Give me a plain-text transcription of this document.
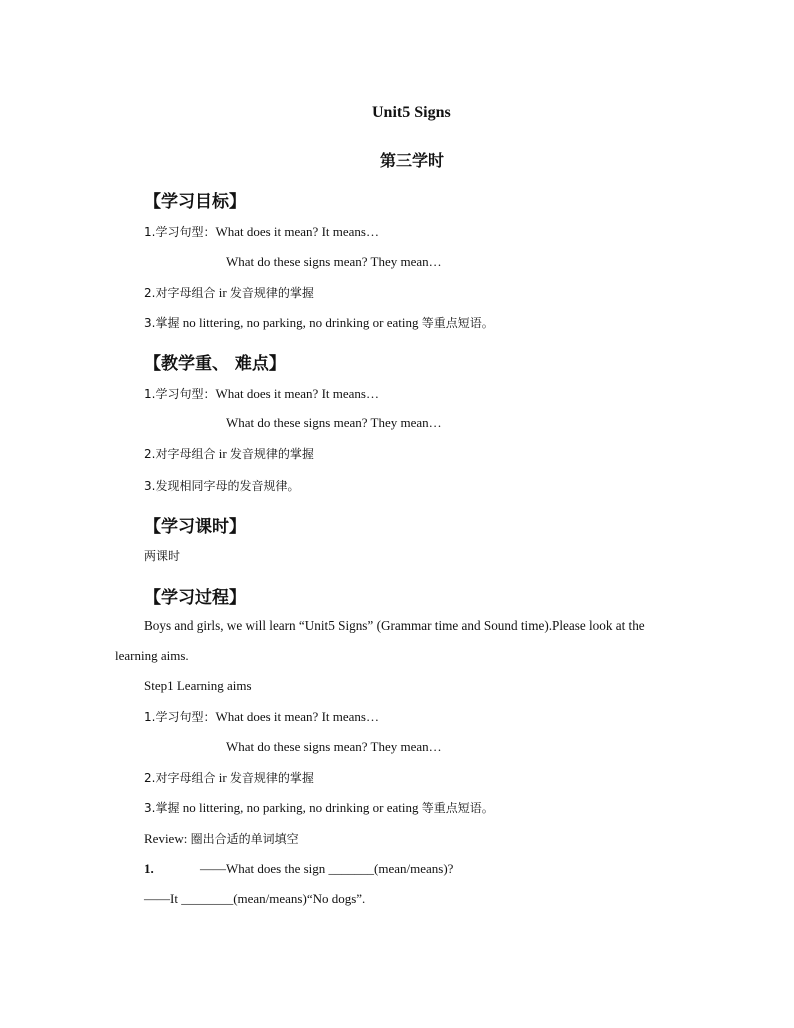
Unit5 Signs
第三学时
【学习目标】
1.学习句型：What does it mean? It means…
What do these signs mean? They mean…
2.对字母组合 ir 发音规律的掌握
3.掌握 no littering, no parking, no drinking or eating 等重点短语。
【教学重、 难点】
1.学习句型：What does it mean? It means…
What do these signs mean? They mean…
2.对字母组合 ir 发音规律的掌握
3.发现相同字母的发音规律。
【学习课时】
两课时
【学习过程】
Boys and girls, we will learn “Unit5 Signs” (Grammar time and Sound time).Please look at the
learning aims.
Step1 Learning aims
1.学习句型：What does it mean? It means…
What do these signs mean? They mean…
2.对字母组合 ir 发音规律的掌握
3.掌握 no littering, no parking, no drinking or eating 等重点短语。
Review: 圈出合适的单词填空
1.	——What does the sign _______(mean/means)?
——It ________(mean/means)“No dogs”.
